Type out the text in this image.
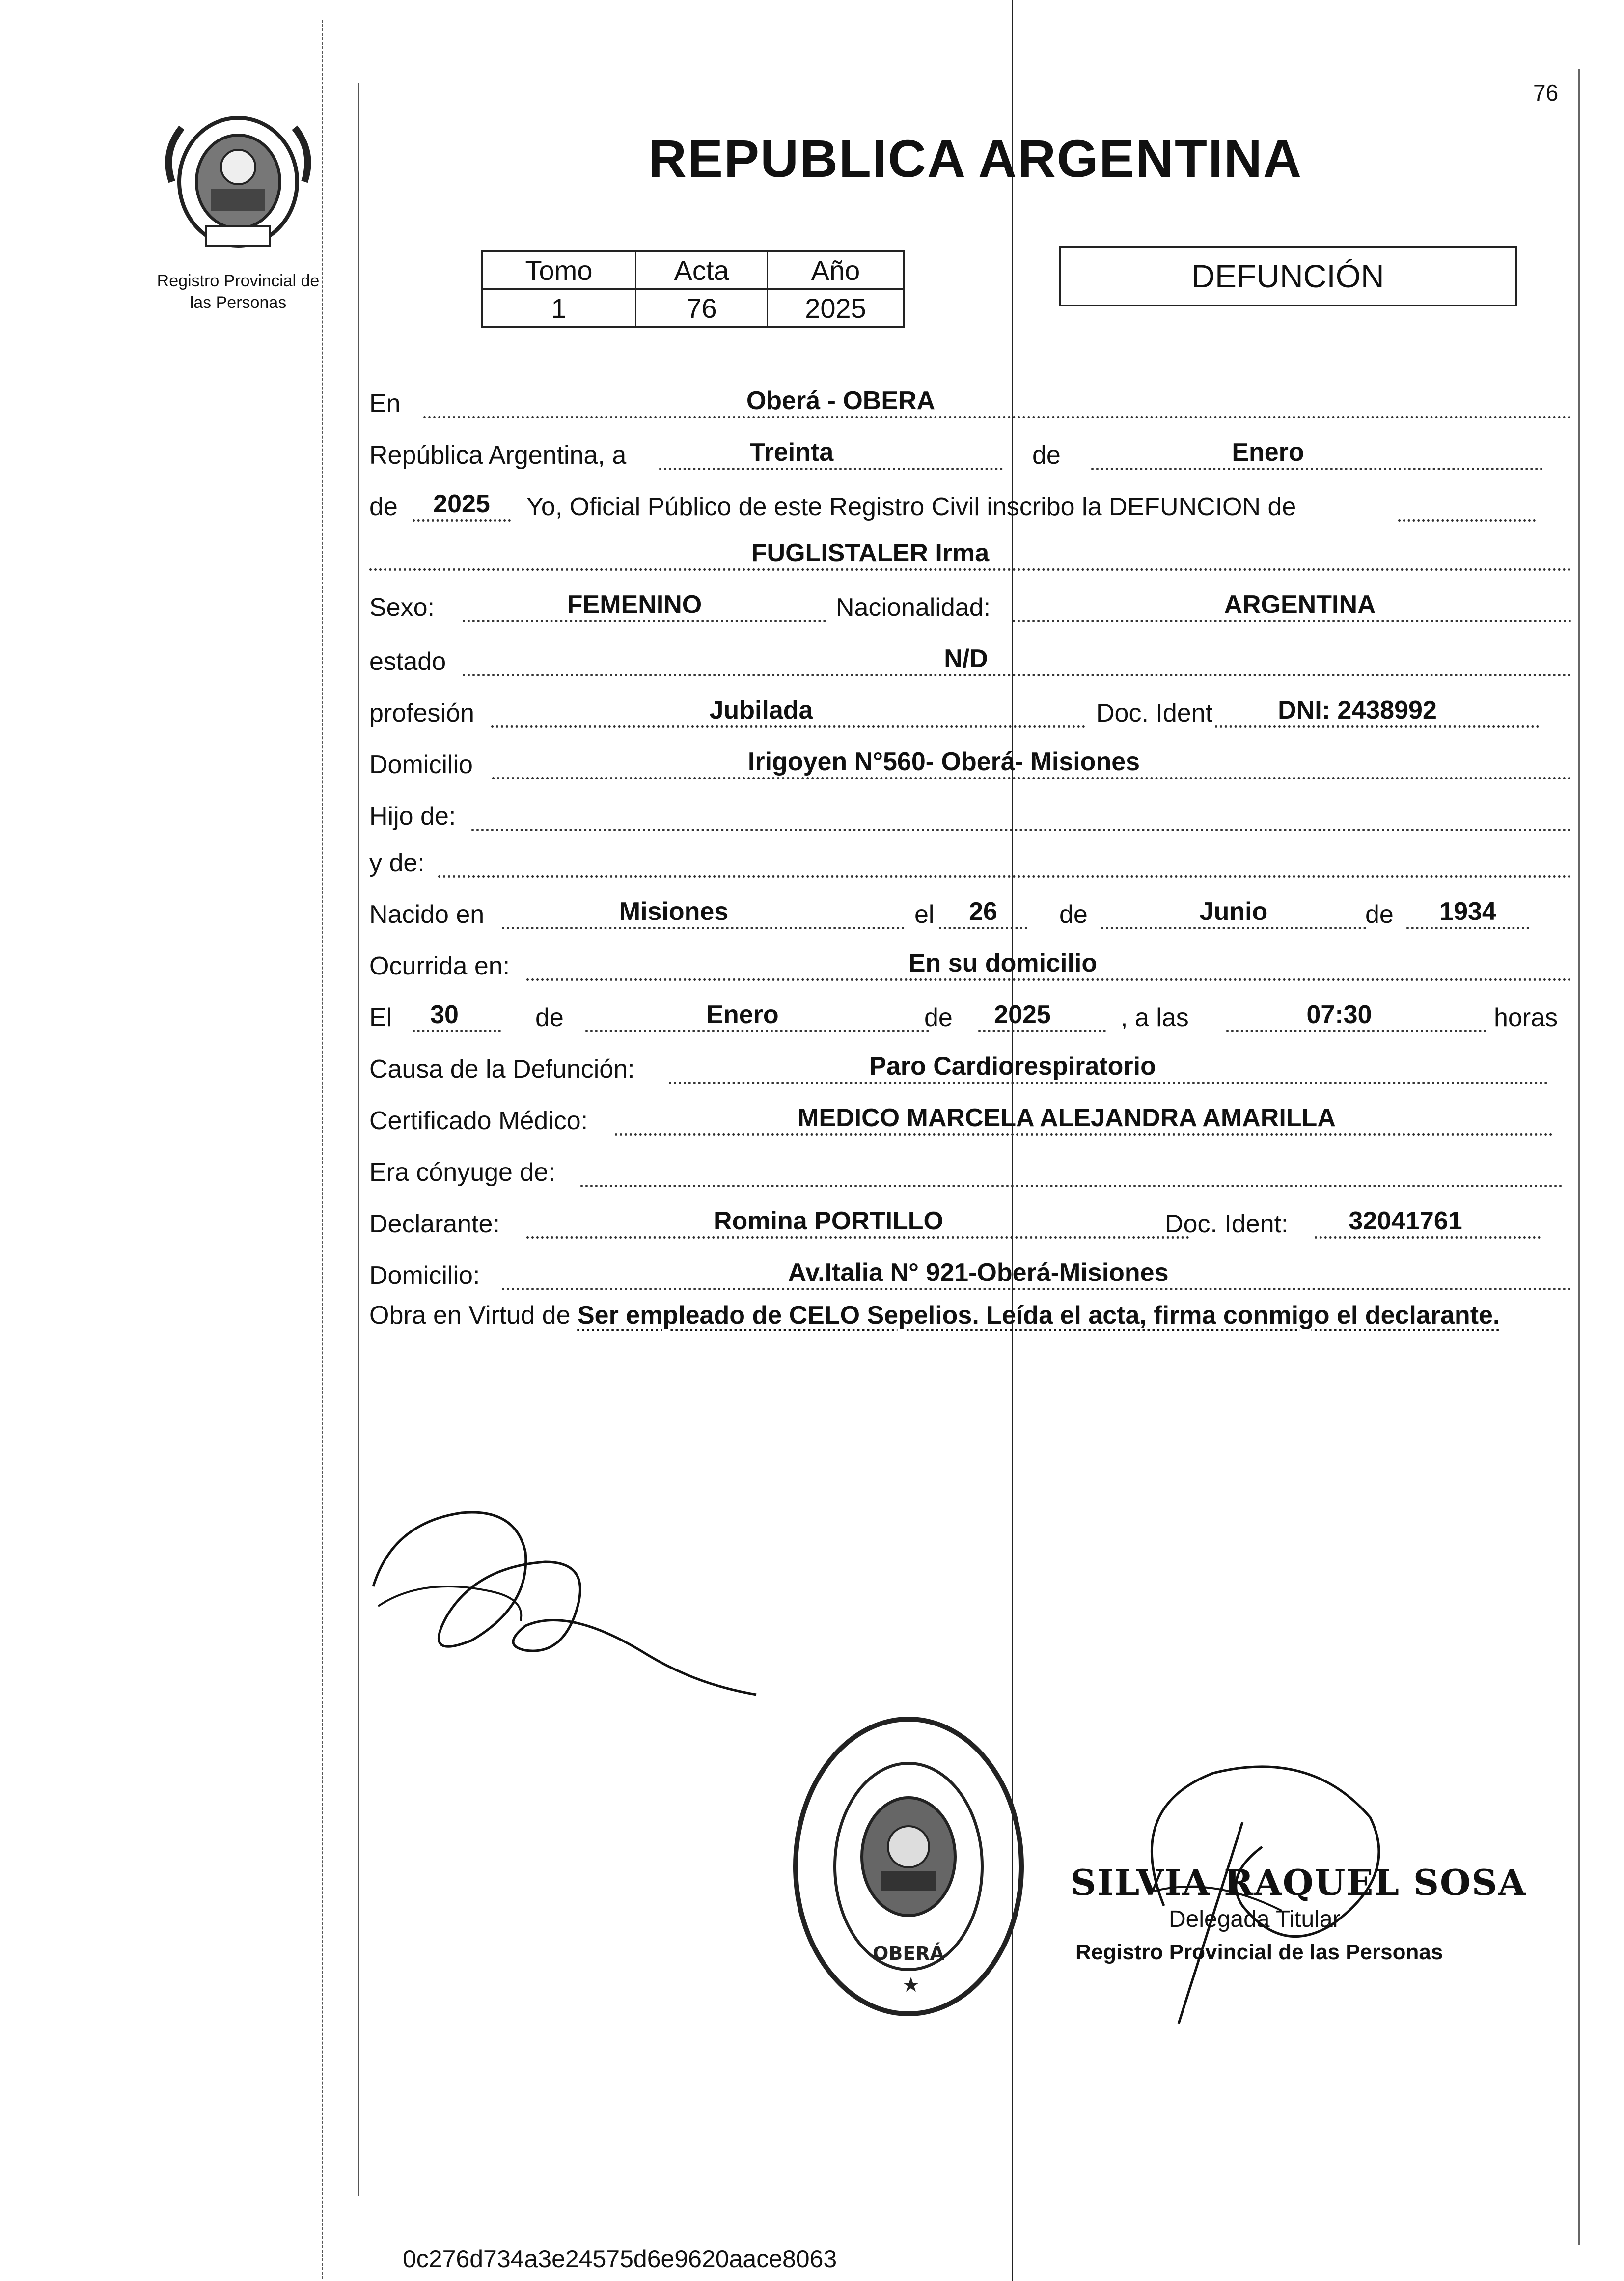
76
Registro Provincial de
las Personas
REPUBLICA ARGENTINA
Tomo	Acta	Año
1	76	2025
DEFUNCIÓN
En	Oberá - OBERA
República Argentina, a	Treinta	de	Enero
de	2025	Yo, Oficial Público de este Registro Civil inscribo la DEFUNCION de
FUGLISTALER Irma
Sexo:	FEMENINO	Nacionalidad:	ARGENTINA
estado	N/D
profesión	Jubilada	Doc. Ident	DNI: 2438992
Domicilio	Irigoyen N°560- Oberá- Misiones
Hijo de:
y de:
Nacido en	Misiones	el	26	de	Junio	de	1934
Ocurrida en:	En su domicilio
El	30	de	Enero	de	2025	, a las	07:30	horas
Causa de la Defunción:	Paro Cardiorespiratorio
Certificado Médico:	MEDICO MARCELA ALEJANDRA AMARILLA
Era cónyuge de:
Declarante:	Romina PORTILLO	Doc. Ident:	32041761
Domicilio:	Av.Italia N° 921-Oberá-Misiones
Obra en Virtud de Ser empleado de CELO Sepelios. Leída el acta, firma conmigo el declarante.
OBERÁ
SILVIA RAQUEL SOSA
Delegada Titular
Registro Provincial de las Personas
0c276d734a3e24575d6e9620aace8063
